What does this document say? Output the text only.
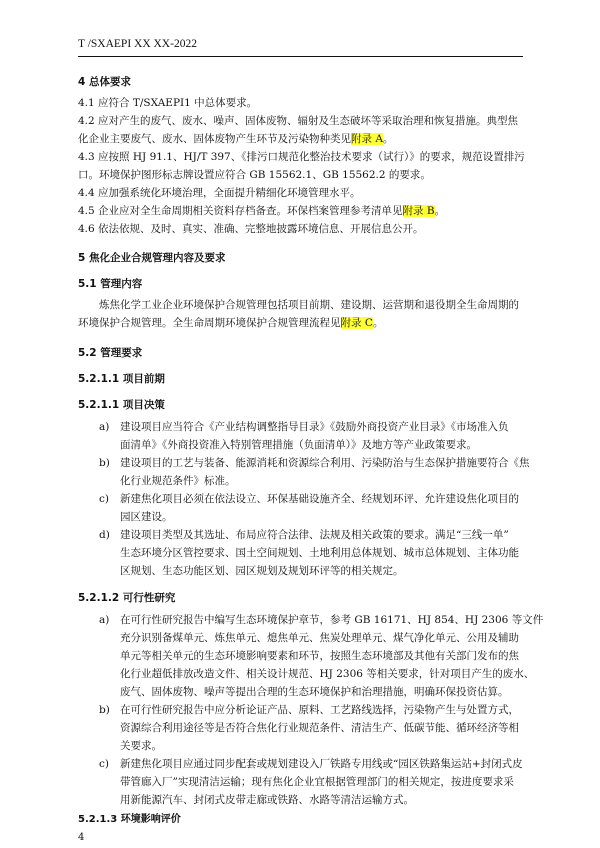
T /SXAEPI XX XX-2022
4 总体要求
4.1 应符合 T/SXAEPI1 中总体要求。
4.2 应对产生的废气、废水、噪声、固体废物、辐射及生态破坏等采取治理和恢复措施。典型焦
化企业主要废气、废水、固体废物产生环节及污染物种类见附录 A。
4.3 应按照 HJ 91.1、HJ/T 397、《排污口规范化整治技术要求（试行）》的要求，规范设置排污
口。环境保护图形标志牌设置应符合 GB 15562.1、GB 15562.2 的要求。
4.4 应加强系统化环境治理，全面提升精细化环境管理水平。
4.5 企业应对全生命周期相关资料存档备查。环保档案管理参考清单见附录 B。
4.6 依法依规、及时、真实、准确、完整地披露环境信息、开展信息公开。
5 焦化企业合规管理内容及要求
5.1 管理内容
炼焦化学工业企业环境保护合规管理包括项目前期、建设期、运营期和退役期全生命周期的
环境保护合规管理。全生命周期环境保护合规管理流程见附录 C。
5.2 管理要求
5.2.1.1 项目前期
5.2.1.1 项目决策
a) 建设项目应当符合《产业结构调整指导目录》《鼓励外商投资产业目录》《市场准入负
面清单》《外商投资准入特别管理措施（负面清单）》及地方等产业政策要求。
b) 建设项目的工艺与装备、能源消耗和资源综合利用、污染防治与生态保护措施要符合《焦
化行业规范条件》标准。
c) 新建焦化项目必须在依法设立、环保基础设施齐全、经规划环评、允许建设焦化项目的
园区建设。
d) 建设项目类型及其选址、布局应符合法律、法规及相关政策的要求。满足“三线一单”
生态环境分区管控要求、国土空间规划、土地利用总体规划、城市总体规划、主体功能
区规划、生态功能区划、园区规划及规划环评等的相关规定。
5.2.1.2 可行性研究
a) 在可行性研究报告中编写生态环境保护章节，参考 GB 16171、HJ 854、HJ 2306 等文件
充分识别备煤单元、炼焦单元、熄焦单元、焦炭处理单元、煤气净化单元、公用及辅助
单元等相关单元的生态环境影响要素和环节，按照生态环境部及其他有关部门发布的焦
化行业超低排放改造文件、相关设计规范、HJ 2306 等相关要求，针对项目产生的废水、
废气、固体废物、噪声等提出合理的生态环境保护和治理措施，明确环保投资估算。
b) 在可行性研究报告中应分析论证产品、原料、工艺路线选择，污染物产生与处置方式，
资源综合利用途径等是否符合焦化行业规范条件、清洁生产、低碳节能、循环经济等相
关要求。
c) 新建焦化项目应通过同步配套或规划建设入厂铁路专用线或“园区铁路集运站+封闭式皮
带管廊入厂”实现清洁运输；现有焦化企业宜根据管理部门的相关规定，按进度要求采
用新能源汽车、封闭式皮带走廊或铁路、水路等清洁运输方式。
5.2.1.3 环境影响评价
4
